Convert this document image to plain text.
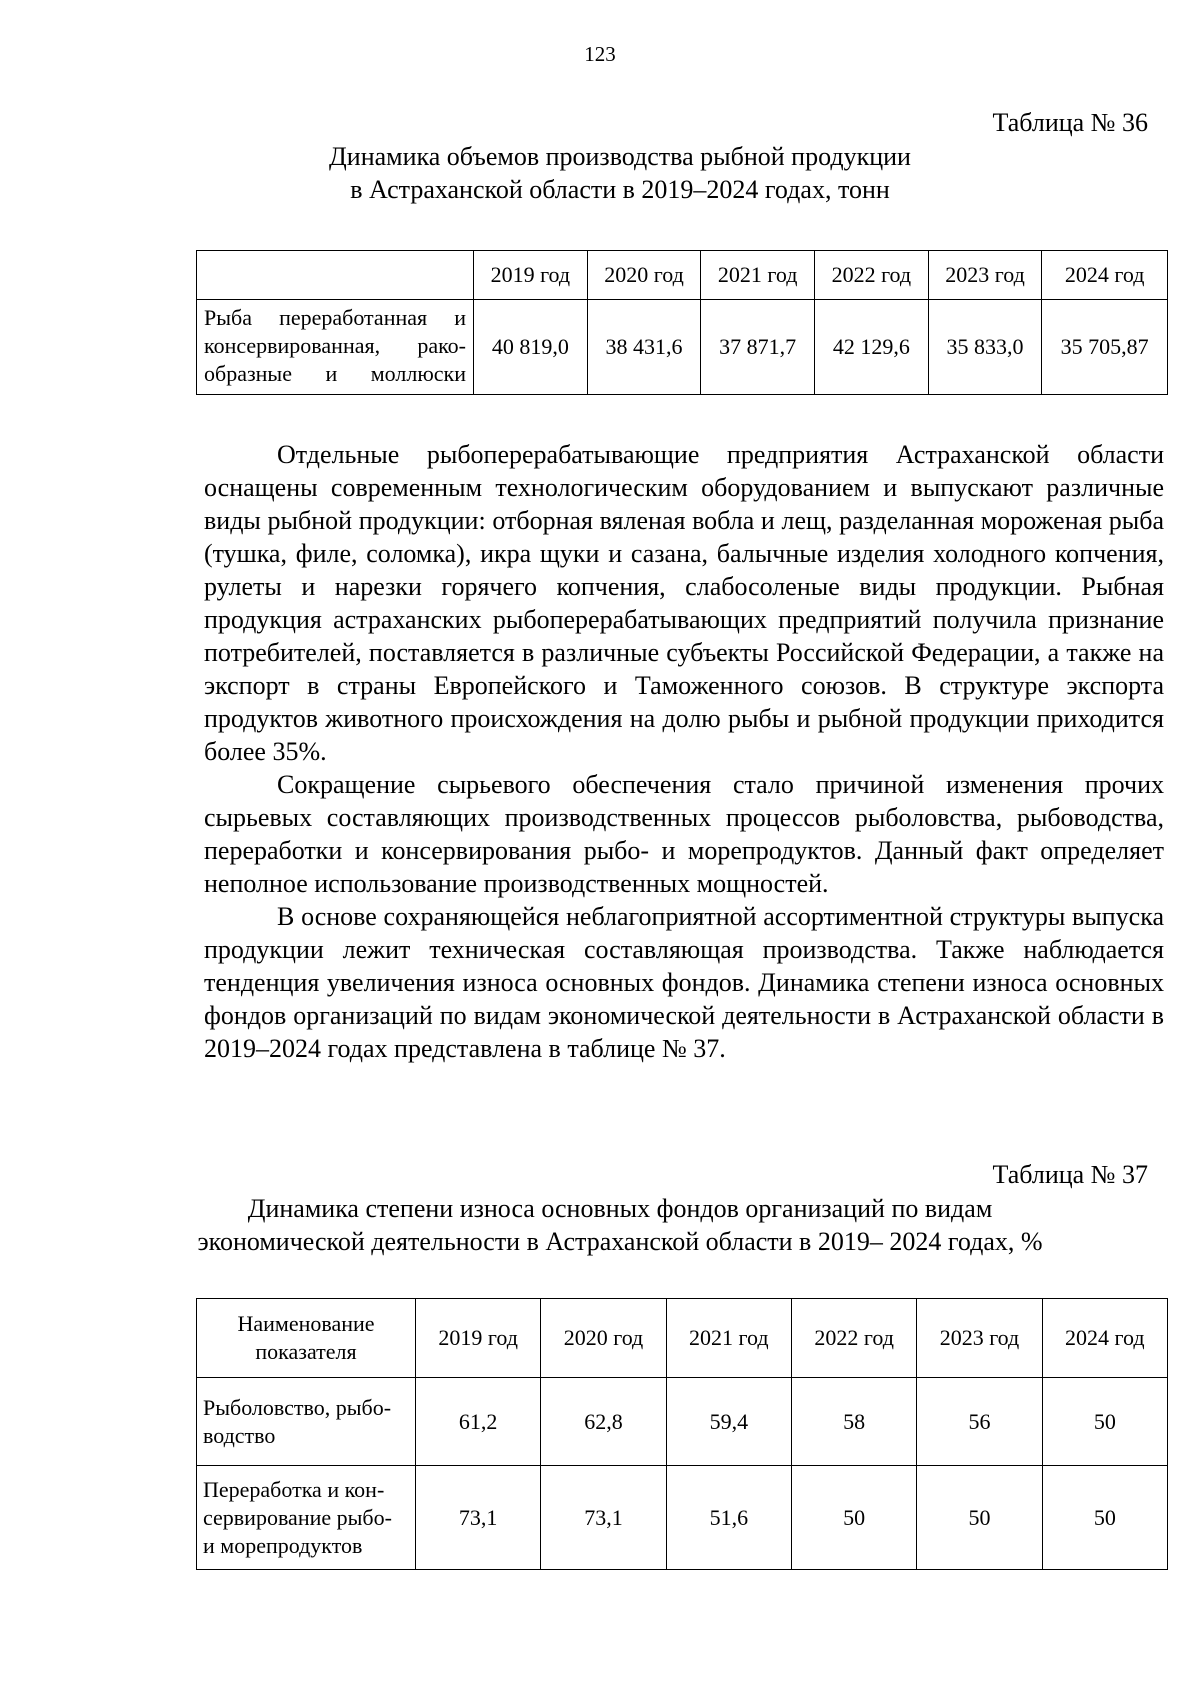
123
Таблица № 36
Динамика объемов производства рыбной продукции
в Астраханской области в 2019–2024 годах, тонн
	2019 год	2020 год	2021 год	2022 год	2023 год	2024 год
Рыба переработанная и консервированная, ракообразные и моллюски	40 819,0	38 431,6	37 871,7	42 129,6	35 833,0	35 705,87

Отдельные рыбоперерабатывающие предприятия Астраханской области оснащены современным технологическим оборудованием и выпускают различные виды рыбной продукции: отборная вяленая вобла и лещ, разделанная мороженая рыба (тушка, филе, соломка), икра щуки и сазана, балычные изделия холодного копчения, рулеты и нарезки горячего копчения, слабосоленые виды продукции. Рыбная продукция астраханских рыбоперерабатывающих предприятий получила признание потребителей, поставляется в различные субъекты Российской Федерации, а также на экспорт в страны Европейского и Таможенного союзов. В структуре экспорта продуктов животного происхождения на долю рыбы и рыбной продукции приходится более 35%.

Сокращение сырьевого обеспечения стало причиной изменения прочих сырьевых составляющих производственных процессов рыболовства, рыбоводства, переработки и консервирования рыбо- и морепродуктов. Данный факт определяет неполное использование производственных мощностей.

В основе сохраняющейся неблагоприятной ассортиментной структуры выпуска продукции лежит техническая составляющая производства. Также наблюдается тенденция увеличения износа основных фондов. Динамика степени износа основных фондов организаций по видам экономической деятельности в Астраханской области в 2019–2024 годах представлена в таблице № 37.

Таблица № 37
Динамика степени износа основных фондов организаций по видам
экономической деятельности в Астраханской области в 2019– 2024 годах, %
Наименование показателя	2019 год	2020 год	2021 год	2022 год	2023 год	2024 год
Рыболовство, рыбоводство	61,2	62,8	59,4	58	56	50
Переработка и консервирование рыбо- и морепродуктов	73,1	73,1	51,6	50	50	50
